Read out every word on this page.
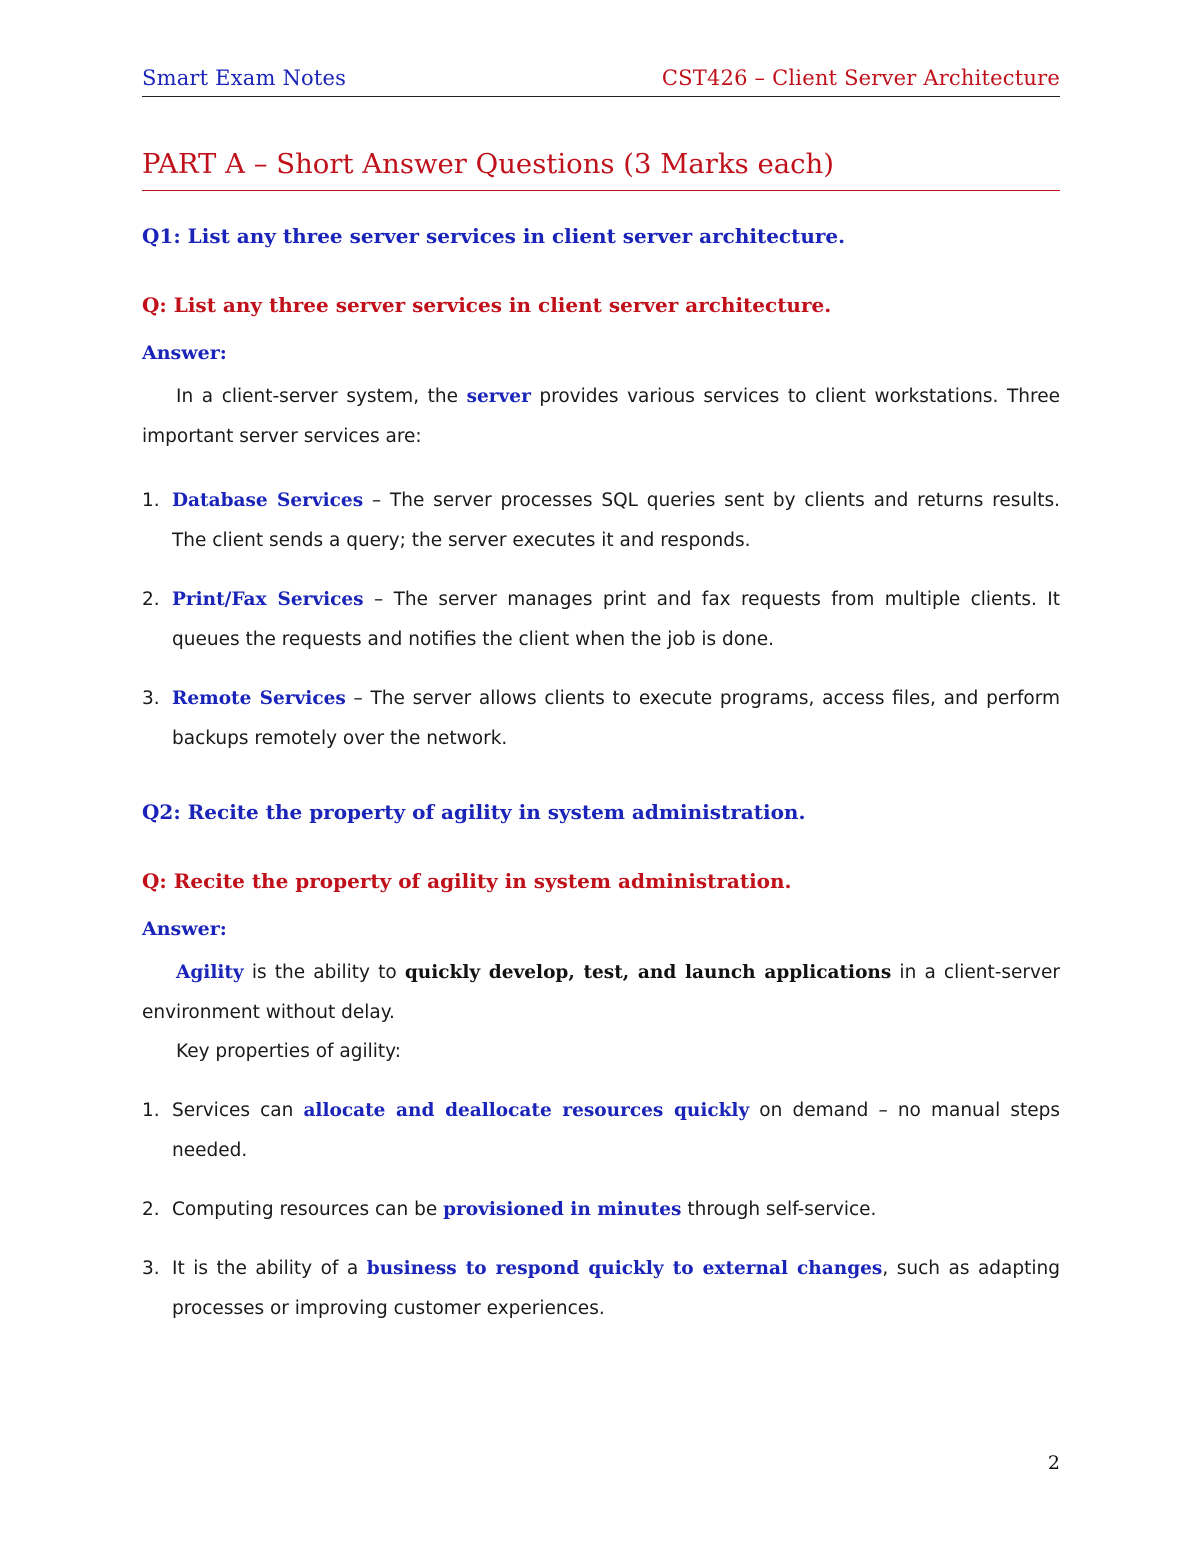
Smart Exam Notes	CST426 – Client Server Architecture
PART A – Short Answer Questions (3 Marks each)
Q1: List any three server services in client server architecture.
Q: List any three server services in client server architecture.
Answer:
In a client-server system, the server provides various services to client workstations. Three important server services are:
1. Database Services – The server processes SQL queries sent by clients and returns results. The client sends a query; the server executes it and responds.
2. Print/Fax Services – The server manages print and fax requests from multiple clients. It queues the requests and notifies the client when the job is done.
3. Remote Services – The server allows clients to execute programs, access files, and perform backups remotely over the network.
Q2: Recite the property of agility in system administration.
Q: Recite the property of agility in system administration.
Answer:
Agility is the ability to quickly develop, test, and launch applications in a client-server environment without delay.
Key properties of agility:
1. Services can allocate and deallocate resources quickly on demand – no manual steps needed.
2. Computing resources can be provisioned in minutes through self-service.
3. It is the ability of a business to respond quickly to external changes, such as adapting processes or improving customer experiences.
2
